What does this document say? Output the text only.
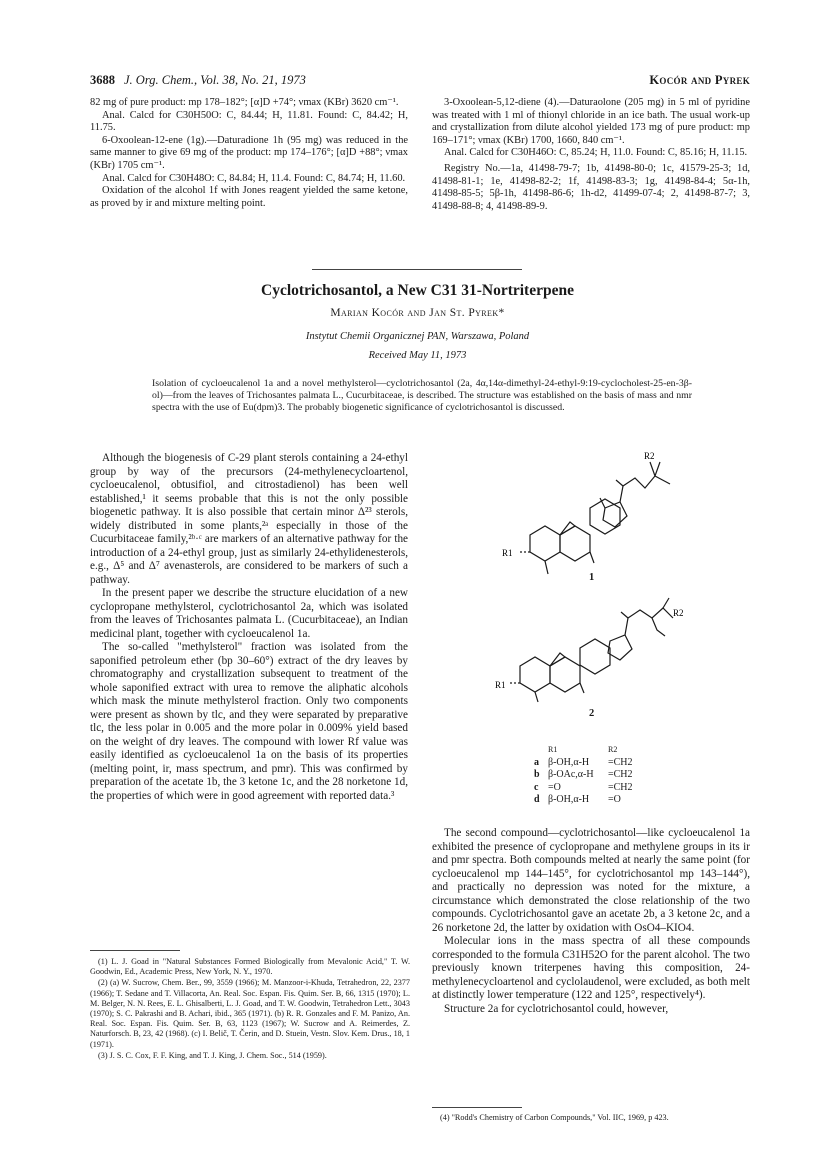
3688 J. Org. Chem., Vol. 38, No. 21, 1973	Kocór and Pyrek

82 mg of pure product: mp 178–182°; [α]D +74°; νmax (KBr) 3620 cm⁻¹.

Anal. Calcd for C30H50O: C, 84.44; H, 11.81. Found: C, 84.42; H, 11.75.

6-Oxoolean-12-ene (1g).—Daturadione 1h (95 mg) was reduced in the same manner to give 69 mg of the product: mp 174–176°; [α]D +88°; νmax (KBr) 1705 cm⁻¹.

Anal. Calcd for C30H48O: C, 84.84; H, 11.4. Found: C, 84.74; H, 11.60.

Oxidation of the alcohol 1f with Jones reagent yielded the same ketone, as proved by ir and mixture melting point.

3-Oxoolean-5,12-diene (4).—Daturaolone (205 mg) in 5 ml of pyridine was treated with 1 ml of thionyl chloride in an ice bath. The usual work-up and crystallization from dilute alcohol yielded 173 mg of pure product: mp 169–171°; νmax (KBr) 1700, 1660, 840 cm⁻¹.

Anal. Calcd for C30H46O: C, 85.24; H, 11.0. Found: C, 85.16; H, 11.15.

Registry No.—1a, 41498-79-7; 1b, 41498-80-0; 1c, 41579-25-3; 1d, 41498-81-1; 1e, 41498-82-2; 1f, 41498-83-3; 1g, 41498-84-4; 5α-1h, 41498-85-5; 5β-1h, 41498-86-6; 1h-d2, 41499-07-4; 2, 41498-87-7; 3, 41498-88-8; 4, 41498-89-9.

Cyclotrichosantol, a New C31 31-Nortriterpene
Marian Kocór and Jan St. Pyrek*
Instytut Chemii Organicznej PAN, Warszawa, Poland
Received May 11, 1973
Isolation of cycloeucalenol 1a and a novel methylsterol—cyclotrichosantol (2a, 4α,14α-dimethyl-24-ethyl-9:19-cyclocholest-25-en-3β-ol)—from the leaves of Trichosantes palmata L., Cucurbitaceae, is described. The structure was established on the basis of mass and nmr spectra with the use of Eu(dpm)3. The probably biogenetic significance of cyclotrichosantol is discussed.

Although the biogenesis of C-29 plant sterols containing a 24-ethyl group by way of the precursors (24-methylenecycloartenol, cycloeucalenol, obtusifiol, and citrostadienol) has been well established,¹ it seems probable that this is not the only possible biogenetic pathway. It is also possible that certain minor Δ²³ sterols, widely distributed in some plants,²ᵃ especially in those of the Cucurbitaceae family,²ᵇ·ᶜ are markers of an alternative pathway for the introduction of a 24-ethyl group, just as similarly 24-ethylidenesterols, e.g., Δ⁵ and Δ⁷ avenasterols, are considered to be markers of such a pathway.

In the present paper we describe the structure elucidation of a new cyclopropane methylsterol, cyclotrichosantol 2a, which was isolated from the leaves of Trichosantes palmata L. (Cucurbitaceae), an Indian medicinal plant, together with cycloeucalenol 1a.

The so-called "methylsterol" fraction was isolated from the saponified petroleum ether (bp 30–60°) extract of the dry leaves by chromatography and crystallization subsequent to treatment of the whole saponified extract with urea to remove the aliphatic alcohols which mask the minute methylsterol fraction. Only two components were present as shown by tlc, and they were separated by preparative tlc, the less polar in 0.005 and the more polar in 0.009% yield based on the weight of dry leaves. The compound with lower Rf value was easily identified as cycloeucalenol 1a on the basis of its properties (melting point, ir, mass spectrum, and pmr). This was confirmed by preparation of the acetate 1b, the 3 ketone 1c, and the 28 norketone 1d, the properties of which were in good agreement with reported data.³

R2
R1
1
R2
R1
2
R1	R2
a β-OH,α-H	=CH2
b β-OAc,α-H	=CH2
c =O	=CH2
d β-OH,α-H	=O

The second compound—cyclotrichosantol—like cycloeucalenol 1a exhibited the presence of cyclopropane and methylene groups in its ir and pmr spectra. Both compounds melted at nearly the same point (for cycloeucalenol mp 144–145°, for cyclotrichosantol mp 143–144°), and practically no depression was noted for the mixture, a circumstance which demonstrated the close relationship of the two compounds. Cyclotrichosantol gave an acetate 2b, a 3 ketone 2c, and a 26 norketone 2d, the latter by oxidation with OsO4–KIO4.

Molecular ions in the mass spectra of all these compounds corresponded to the formula C31H52O for the parent alcohol. The two previously known triterpenes having this composition, 24-methylenecycloartenol and cyclolaudenol, were excluded, as both melt at distinctly lower temperature (122 and 125°, respectively⁴).

Structure 2a for cyclotrichosantol could, however,

(1) L. J. Goad in "Natural Substances Formed Biologically from Mevalonic Acid," T. W. Goodwin, Ed., Academic Press, New York, N. Y., 1970.

(2) (a) W. Sucrow, Chem. Ber., 99, 3559 (1966); M. Manzoor-i-Khuda, Tetrahedron, 22, 2377 (1966); T. Sedane and T. Villacorta, An. Real. Soc. Espan. Fis. Quim. Ser. B, 66, 1315 (1970); L. M. Belger, N. N. Rees, E. L. Ghisalberti, L. J. Goad, and T. W. Goodwin, Tetrahedron Lett., 3043 (1970); S. C. Pakrashi and B. Achari, ibid., 365 (1971). (b) R. R. Gonzales and F. M. Panizo, An. Real. Soc. Espan. Fis. Quim. Ser. B, 63, 1123 (1967); W. Sucrow and A. Reimerdes, Z. Naturforsch. B, 23, 42 (1968). (c) I. Belič, T. Čerin, and D. Stuein, Vestn. Slov. Kem. Drus., 18, 1 (1971).

(3) J. S. C. Cox, F. F. King, and T. J. King, J. Chem. Soc., 514 (1959).

(4) "Rodd's Chemistry of Carbon Compounds," Vol. IIC, 1969, p 423.
